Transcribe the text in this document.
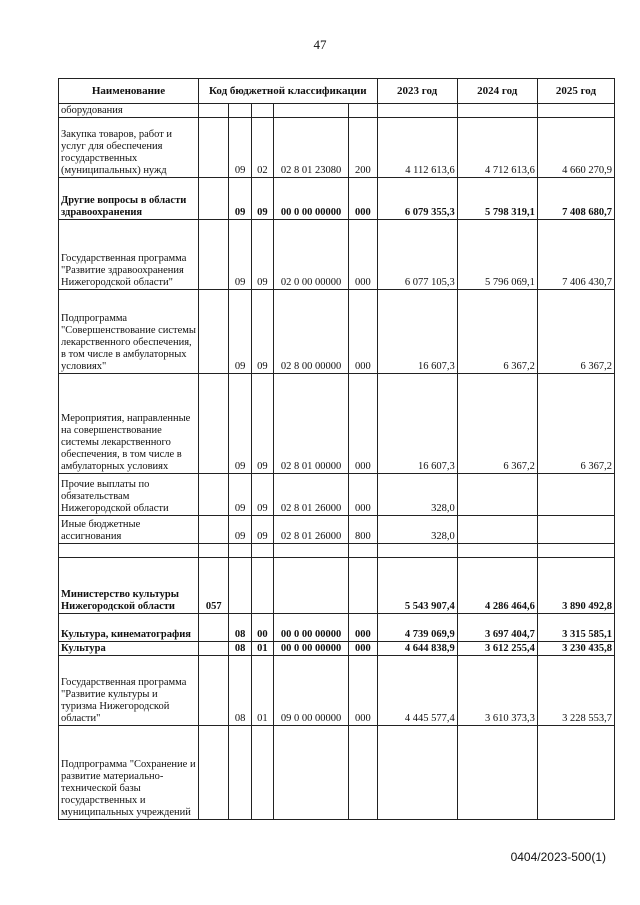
47
Наименование	Код бюджетной классификации					2023 год	2024 год	2025 год
оборудования								
Закупка товаров, работ и услуг для обеспечения государственных (муниципальных) нужд		09	02	02 8 01 23080	200	4 112 613,6	4 712 613,6	4 660 270,9
Другие вопросы в области здравоохранения		09	09	00 0 00 00000	000	6 079 355,3	5 798 319,1	7 408 680,7
Государственная программа "Развитие здравоохранения Нижегородской области"		09	09	02 0 00 00000	000	6 077 105,3	5 796 069,1	7 406 430,7
Подпрограмма "Совершенствование системы лекарственного обеспечения, в том числе в амбулаторных условиях"		09	09	02 8 00 00000	000	16 607,3	6 367,2	6 367,2
Мероприятия, направленные на совершенствование системы лекарственного обеспечения, в том числе в амбулаторных условиях		09	09	02 8 01 00000	000	16 607,3	6 367,2	6 367,2
Прочие выплаты по обязательствам Нижегородской области		09	09	02 8 01 26000	000	328,0		
Иные бюджетные ассигнования		09	09	02 8 01 26000	800	328,0		

Министерство культуры Нижегородской области	057					5 543 907,4	4 286 464,6	3 890 492,8
Культура, кинематография		08	00	00 0 00 00000	000	4 739 069,9	3 697 404,7	3 315 585,1
Культура		08	01	00 0 00 00000	000	4 644 838,9	3 612 255,4	3 230 435,8
Государственная программа "Развитие культуры и туризма Нижегородской области"		08	01	09 0 00 00000	000	4 445 577,4	3 610 373,3	3 228 553,7
Подпрограмма "Сохранение и развитие материально-технической базы государственных и муниципальных учреждений								
0404/2023-500(1)
